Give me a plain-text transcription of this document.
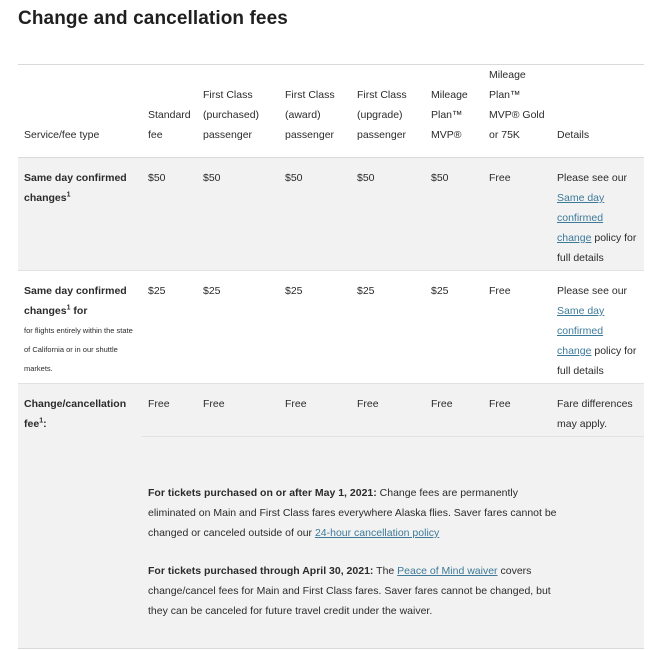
Change and cancellation fees
Service/fee type	Standard fee	First Class (purchased) passenger	First Class (award) passenger	First Class (upgrade) passenger	Mileage Plan™ MVP®	Mileage Plan™ MVP® Gold or 75K	Details
Same day confirmed changes$^1$	$50	$50	$50	$50	$50	Free	Please see our Same day confirmed change policy for full details
Same day confirmed changes$^1$ for
for flights entirely within the state of California or in our shuttle markets.	$25	$25	$25	$25	$25	Free	Please see our Same day confirmed change policy for full details
Change/cancellation fee$^1$:	Free	Free	Free	Free	Free	Free	Fare differences may apply.
For tickets purchased on or after May 1, 2021: Change fees are permanently eliminated on Main and First Class fares everywhere Alaska flies. Saver fares cannot be changed or canceled outside of our 24-hour cancellation policy
For tickets purchased through April 30, 2021: The Peace of Mind waiver covers change/cancel fees for Main and First Class fares. Saver fares cannot be changed, but they can be canceled for future travel credit under the waiver.
